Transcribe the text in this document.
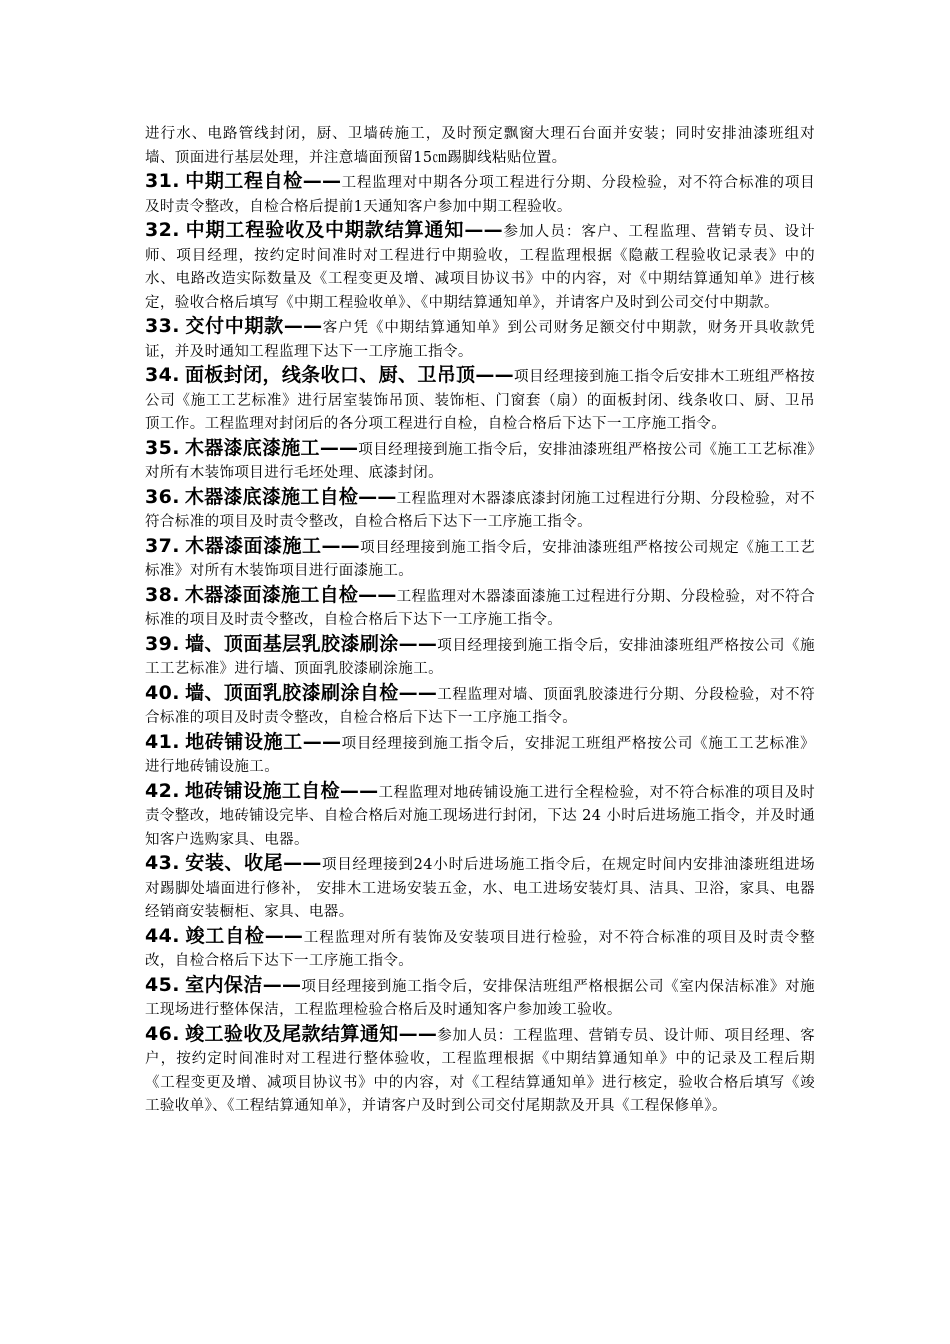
进行水、电路管线封闭，厨、卫墙砖施工，及时预定飘窗大理石台面并安装；同时安排油漆班组对墙、顶面进行基层处理，并注意墙面预留15㎝踢脚线粘贴位置。

31. 中期工程自检——工程监理对中期各分项工程进行分期、分段检验，对不符合标准的项目及时责令整改，自检合格后提前1天通知客户参加中期工程验收。

32. 中期工程验收及中期款结算通知——参加人员：客户、工程监理、营销专员、设计师、项目经理，按约定时间准时对工程进行中期验收，工程监理根据《隐蔽工程验收记录表》中的水、电路改造实际数量及《工程变更及增、减项目协议书》中的内容，对《中期结算通知单》进行核定，验收合格后填写《中期工程验收单》、《中期结算通知单》，并请客户及时到公司交付中期款。

33. 交付中期款——客户凭《中期结算通知单》到公司财务足额交付中期款，财务开具收款凭证，并及时通知工程监理下达下一工序施工指令。

34. 面板封闭，线条收口、厨、卫吊顶——项目经理接到施工指令后安排木工班组严格按公司《施工工艺标准》进行居室装饰吊顶、装饰柜、门窗套（扇）的面板封闭、线条收口、厨、卫吊顶工作。工程监理对封闭后的各分项工程进行自检，自检合格后下达下一工序施工指令。

35. 木器漆底漆施工——项目经理接到施工指令后，安排油漆班组严格按公司《施工工艺标准》对所有木装饰项目进行毛坯处理、底漆封闭。

36. 木器漆底漆施工自检——工程监理对木器漆底漆封闭施工过程进行分期、分段检验，对不符合标准的项目及时责令整改，自检合格后下达下一工序施工指令。

37. 木器漆面漆施工——项目经理接到施工指令后，安排油漆班组严格按公司规定《施工工艺标准》对所有木装饰项目进行面漆施工。

38. 木器漆面漆施工自检——工程监理对木器漆面漆施工过程进行分期、分段检验，对不符合标准的项目及时责令整改，自检合格后下达下一工序施工指令。

39. 墙、顶面基层乳胶漆刷涂——项目经理接到施工指令后，安排油漆班组严格按公司《施工工艺标准》进行墙、顶面乳胶漆刷涂施工。

40. 墙、顶面乳胶漆刷涂自检——工程监理对墙、顶面乳胶漆进行分期、分段检验，对不符合标准的项目及时责令整改，自检合格后下达下一工序施工指令。

41. 地砖铺设施工——项目经理接到施工指令后，安排泥工班组严格按公司《施工工艺标准》进行地砖铺设施工。

42. 地砖铺设施工自检——工程监理对地砖铺设施工进行全程检验，对不符合标准的项目及时责令整改，地砖铺设完毕、自检合格后对施工现场进行封闭，下达 24 小时后进场施工指令，并及时通知客户选购家具、电器。

43. 安装、收尾——项目经理接到24小时后进场施工指令后，在规定时间内安排油漆班组进场对踢脚处墙面进行修补， 安排木工进场安装五金，水、电工进场安装灯具、洁具、卫浴，家具、电器经销商安装橱柜、家具、电器。

44. 竣工自检——工程监理对所有装饰及安装项目进行检验，对不符合标准的项目及时责令整改，自检合格后下达下一工序施工指令。

45. 室内保洁——项目经理接到施工指令后，安排保洁班组严格根据公司《室内保洁标准》对施工现场进行整体保洁，工程监理检验合格后及时通知客户参加竣工验收。

46. 竣工验收及尾款结算通知——参加人员：工程监理、营销专员、设计师、项目经理、客户，按约定时间准时对工程进行整体验收，工程监理根据《中期结算通知单》中的记录及工程后期《工程变更及增、减项目协议书》中的内容，对《工程结算通知单》进行核定，验收合格后填写《竣工验收单》、《工程结算通知单》，并请客户及时到公司交付尾期款及开具《工程保修单》。
